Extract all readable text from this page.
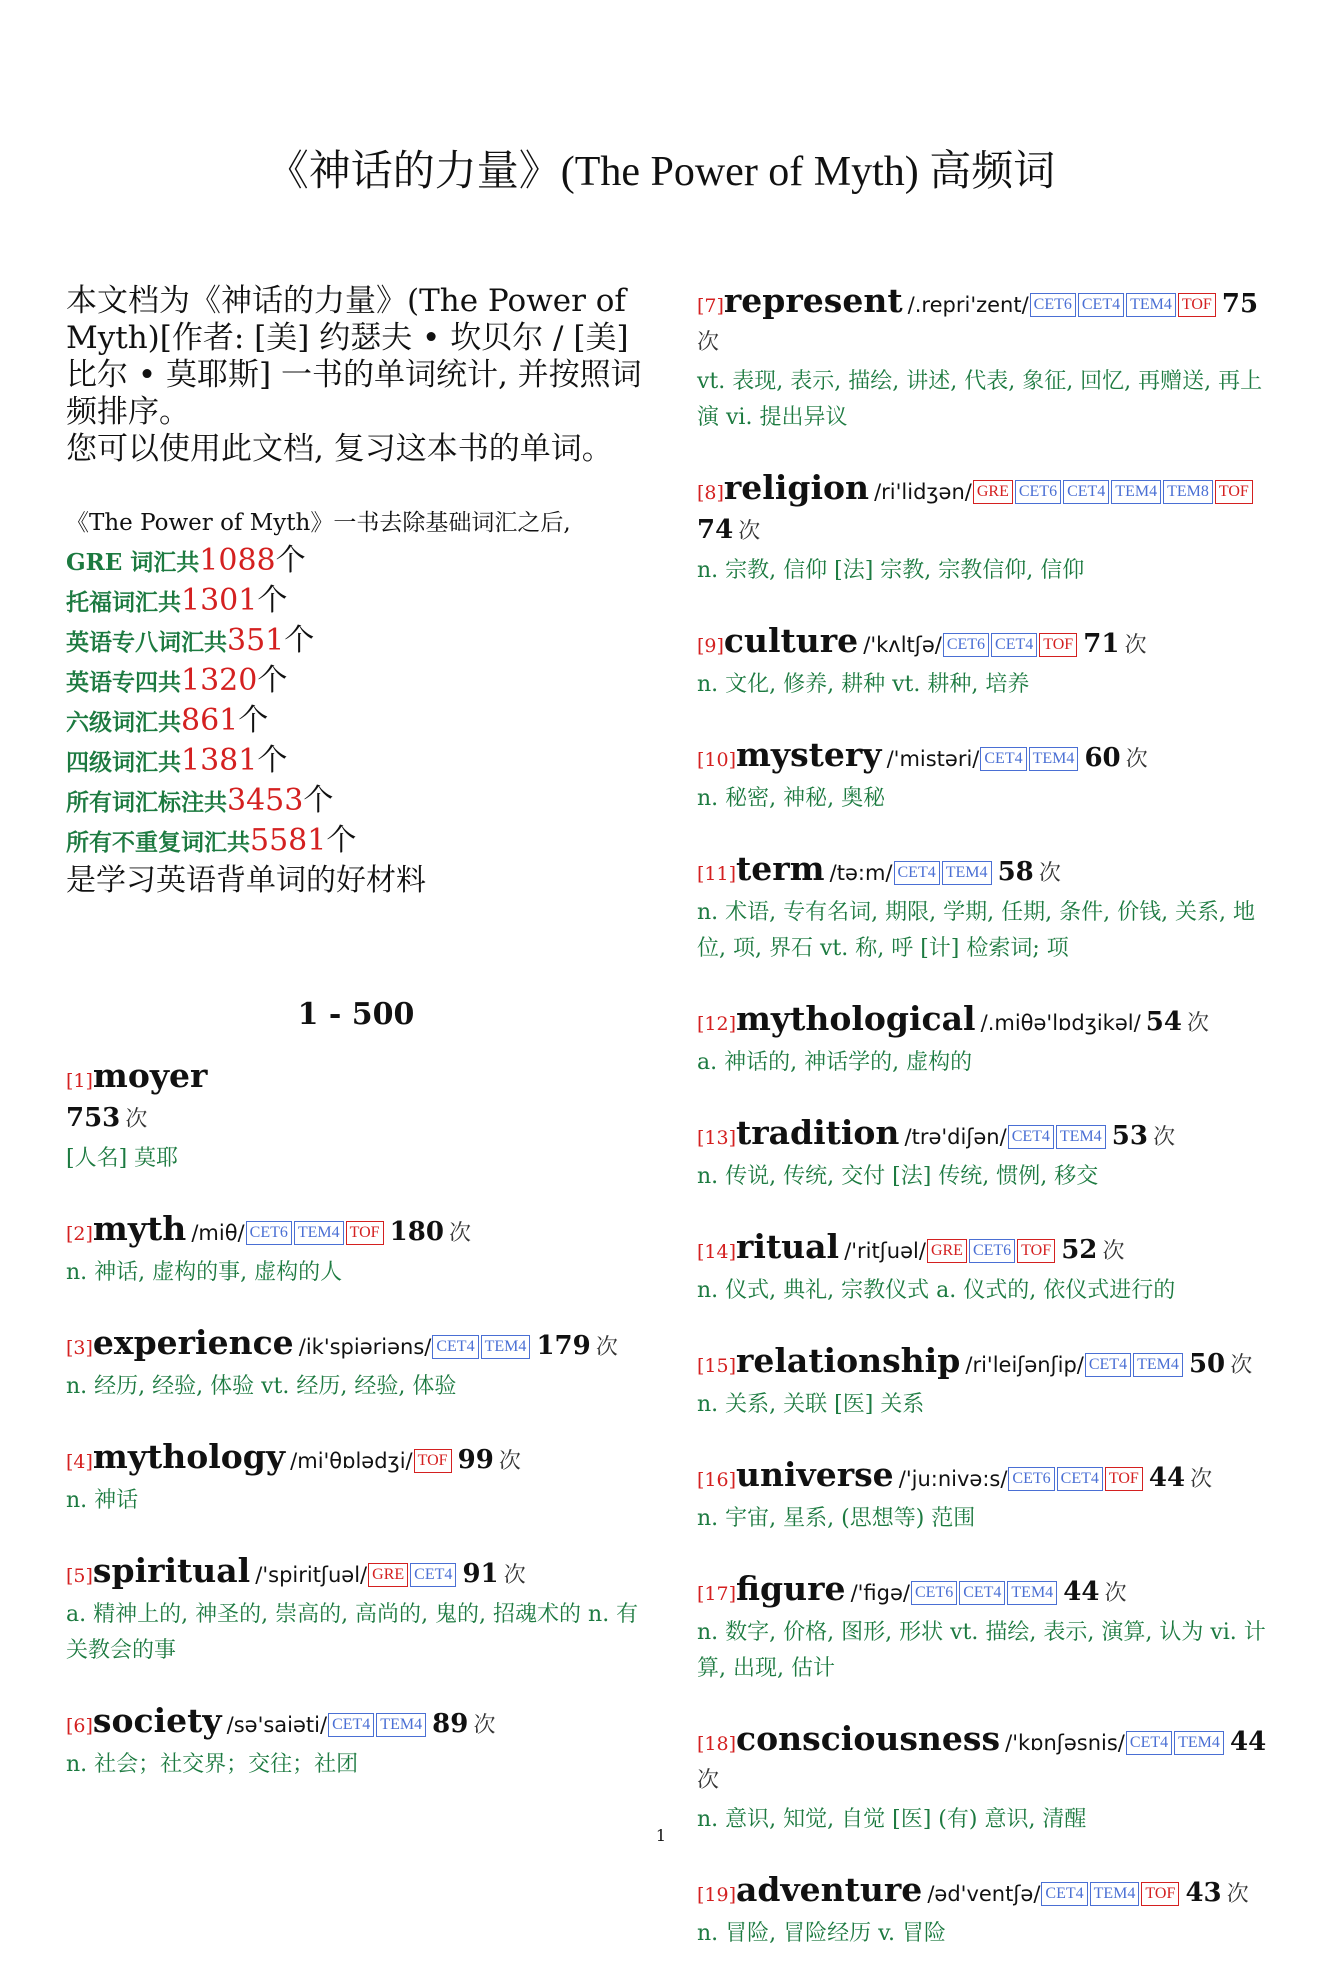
《神话的力量》(The Power of Myth) 高频词

本文档为《神话的力量》(The Power of Myth)[作者: [美] 约瑟夫 • 坎贝尔 / [美] 比尔 • 莫耶斯] 一书的单词统计, 并按照词频排序。

您可以使用此文档, 复习这本书的单词。

《The Power of Myth》一书去除基础词汇之后,
GRE 词汇共1088个
托福词汇共1301个
英语专八词汇共351个
英语专四共1320个
六级词汇共861个
四级词汇共1381个
所有词汇标注共3453个
所有不重复词汇共5581个
是学习英语背单词的好材料
1 - 500
[1]moyer
753 次
[人名] 莫耶
[2]myth /miθ/ CET6 TEM4 TOF 180 次
n. 神话, 虚构的事, 虚构的人
[3]experience /ik'spiəriəns/ CET4 TEM4 179 次
n. 经历, 经验, 体验 vt. 经历, 经验, 体验
[4]mythology /mi'θɒlədʒi/ TOF 99 次
n. 神话
[5]spiritual /'spiritʃuəl/ GRE CET4 91 次
a. 精神上的, 神圣的, 崇高的, 高尚的, 鬼的, 招魂术的 n. 有关教会的事
[6]society /sə'saiəti/ CET4 TEM4 89 次
n. 社会；社交界；交往；社团
[7]represent /.repri'zent/ CET6 CET4 TEM4 TOF 75 次
vt. 表现, 表示, 描绘, 讲述, 代表, 象征, 回忆, 再赠送, 再上演 vi. 提出异议
[8]religion /ri'lidʒən/ GRE CET6 CET4 TEM4 TEM8 TOF 74 次
n. 宗教, 信仰 [法] 宗教, 宗教信仰, 信仰
[9]culture /'kʌltʃə/ CET6 CET4 TOF 71 次
n. 文化, 修养, 耕种 vt. 耕种, 培养
[10]mystery /'mistəri/ CET4 TEM4 60 次
n. 秘密, 神秘, 奥秘
[11]term /tə:m/ CET4 TEM4 58 次
n. 术语, 专有名词, 期限, 学期, 任期, 条件, 价钱, 关系, 地位, 项, 界石 vt. 称, 呼 [计] 检索词; 项
[12]mythological /.miθə'lɒdʒikəl/ 54 次
a. 神话的, 神话学的, 虚构的
[13]tradition /trə'diʃən/ CET4 TEM4 53 次
n. 传说, 传统, 交付 [法] 传统, 惯例, 移交
[14]ritual /'ritʃuəl/ GRE CET6 TOF 52 次
n. 仪式, 典礼, 宗教仪式 a. 仪式的, 依仪式进行的
[15]relationship /ri'leiʃənʃip/ CET4 TEM4 50 次
n. 关系, 关联 [医] 关系
[16]universe /'ju:nivə:s/ CET6 CET4 TOF 44 次
n. 宇宙, 星系, (思想等) 范围
[17]figure /'figə/ CET6 CET4 TEM4 44 次
n. 数字, 价格, 图形, 形状 vt. 描绘, 表示, 演算, 认为 vi. 计算, 出现, 估计
[18]consciousness /'kɒnʃəsnis/ CET4 TEM4 44 次
n. 意识, 知觉, 自觉 [医] (有) 意识, 清醒
[19]adventure /əd'ventʃə/ CET4 TEM4 TOF 43 次
n. 冒险, 冒险经历 v. 冒险
1
